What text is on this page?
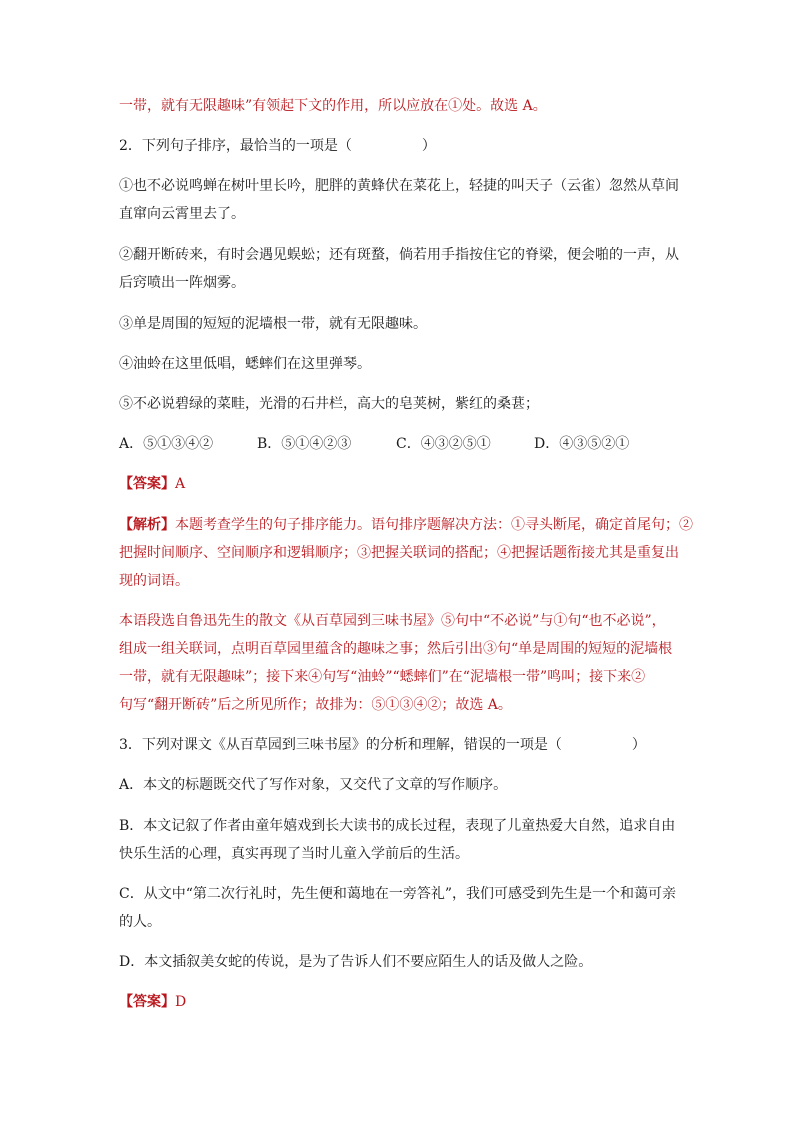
一带，就有无限趣味”有领起下文的作用，所以应放在①处。故选 A。
2．下列句子排序，最恰当的一项是（　　　　　）
①也不必说鸣蝉在树叶里长吟，肥胖的黄蜂伏在菜花上，轻捷的叫天子（云雀）忽然从草间
直窜向云霄里去了。
②翻开断砖来，有时会遇见蜈蚣；还有斑蝥，倘若用手指按住它的脊梁，便会啪的一声，从
后窍喷出一阵烟雾。
③单是周围的短短的泥墙根一带，就有无限趣味。
④油蛉在这里低唱，蟋蟀们在这里弹琴。
⑤不必说碧绿的菜畦，光滑的石井栏，高大的皂荚树，紫红的桑葚；
A．⑤①③④②	B．⑤①④②③	C．④③②⑤①	D．④③⑤②①
【答案】A
【解析】本题考查学生的句子排序能力。语句排序题解决方法：①寻头断尾，确定首尾句；②
把握时间顺序、空间顺序和逻辑顺序；③把握关联词的搭配；④把握话题衔接尤其是重复出
现的词语。
本语段选自鲁迅先生的散文《从百草园到三味书屋》⑤句中“不必说”与①句“也不必说”，
组成一组关联词，点明百草园里蕴含的趣味之事；然后引出③句“单是周围的短短的泥墙根
一带，就有无限趣味”；接下来④句写“油蛉”“蟋蟀们”在“泥墙根一带”鸣叫；接下来②
句写“翻开断砖”后之所见所作；故排为：⑤①③④②；故选 A。
3．下列对课文《从百草园到三味书屋》的分析和理解，错误的一项是（　　　　　）
A．本文的标题既交代了写作对象，又交代了文章的写作顺序。
B．本文记叙了作者由童年嬉戏到长大读书的成长过程，表现了儿童热爱大自然，追求自由
快乐生活的心理，真实再现了当时儿童入学前后的生活。
C．从文中“第二次行礼时，先生便和蔼地在一旁答礼”，我们可感受到先生是一个和蔼可亲
的人。
D．本文插叙美女蛇的传说，是为了告诉人们不要应陌生人的话及做人之险。
【答案】D
